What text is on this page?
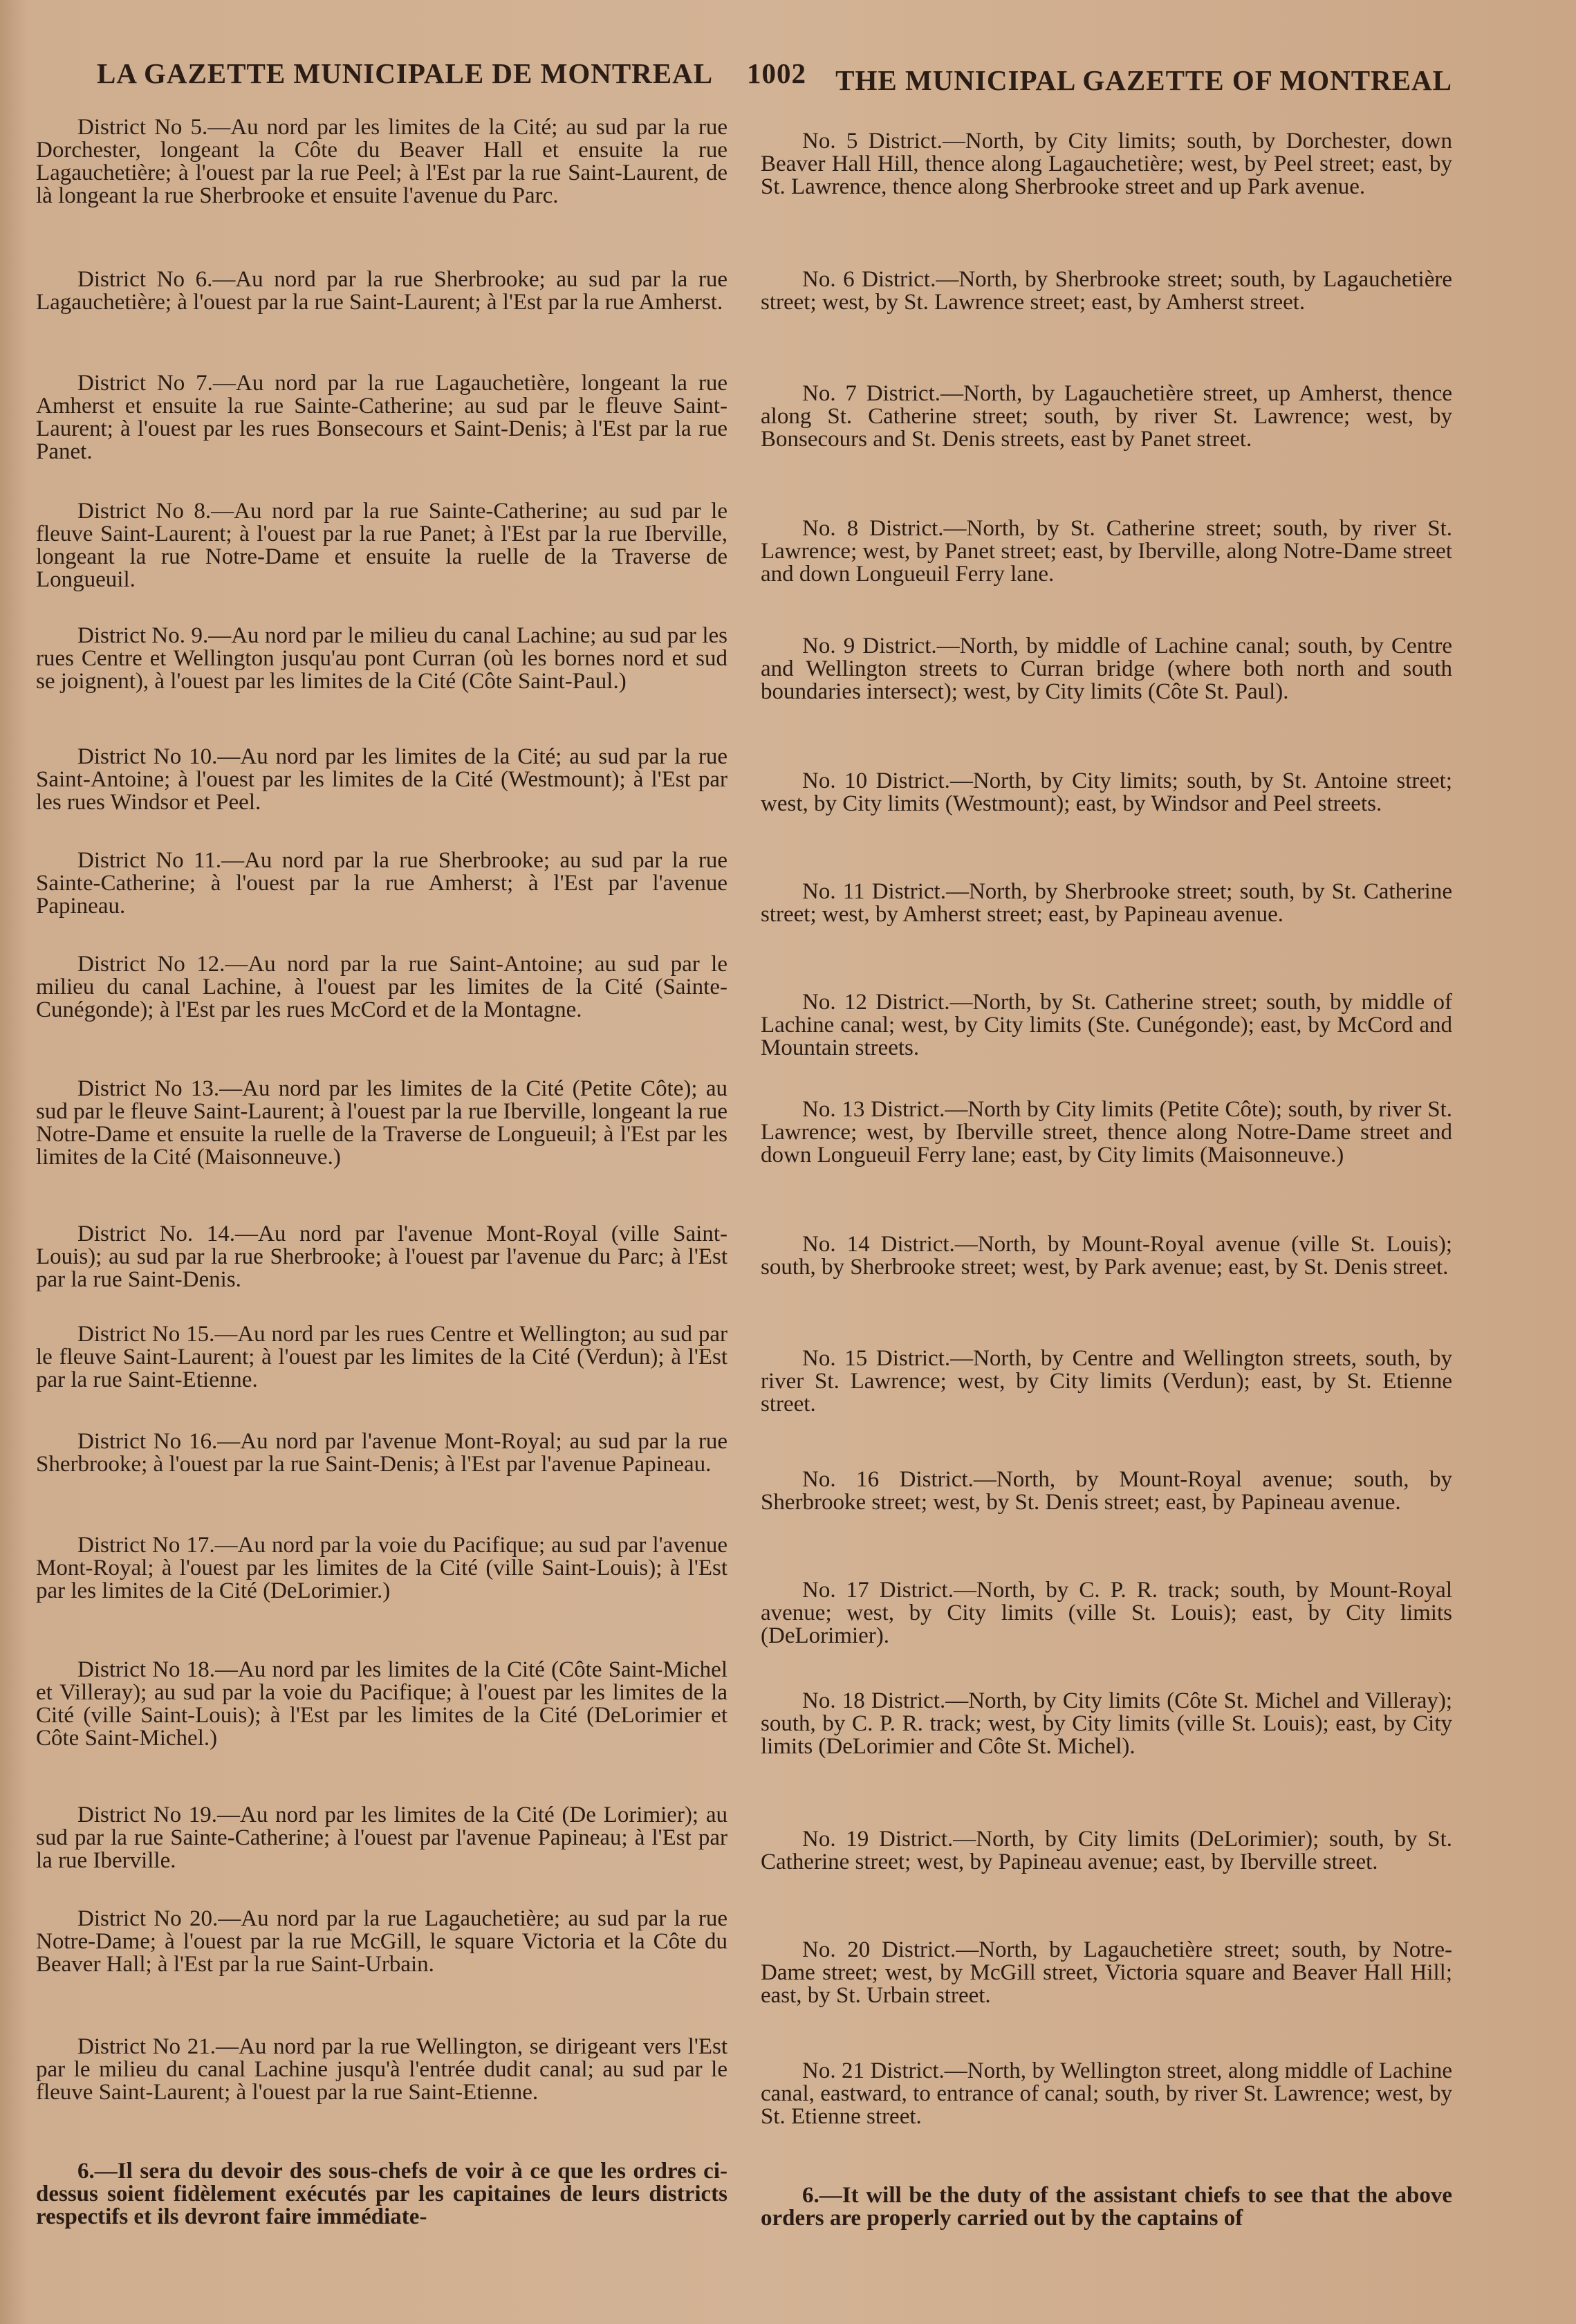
LA GAZETTE MUNICIPALE DE MONTREAL 1002 THE MUNICIPAL GAZETTE OF MONTREAL

District No 5.—Au nord par les limites de la Cité; au sud par la rue Dorchester, longeant la Côte du Beaver Hall et ensuite la rue Lagauchetière; à l'ouest par la rue Peel; à l'Est par la rue Saint-Laurent, de là longeant la rue Sherbrooke et ensuite l'avenue du Parc.

District No 6.—Au nord par la rue Sherbrooke; au sud par la rue Lagauchetière; à l'ouest par la rue Saint-Laurent; à l'Est par la rue Amherst.

District No 7.—Au nord par la rue Lagauchetière, longeant la rue Amherst et ensuite la rue Sainte-Catherine; au sud par le fleuve Saint-Laurent; à l'ouest par les rues Bonsecours et Saint-Denis; à l'Est par la rue Panet.

District No 8.—Au nord par la rue Sainte-Catherine; au sud par le fleuve Saint-Laurent; à l'ouest par la rue Panet; à l'Est par la rue Iberville, longeant la rue Notre-Dame et ensuite la ruelle de la Traverse de Longueuil.

District No. 9.—Au nord par le milieu du canal Lachine; au sud par les rues Centre et Wellington jusqu'au pont Curran (où les bornes nord et sud se joignent), à l'ouest par les limites de la Cité (Côte Saint-Paul.)

District No 10.—Au nord par les limites de la Cité; au sud par la rue Saint-Antoine; à l'ouest par les limites de la Cité (Westmount); à l'Est par les rues Windsor et Peel.

District No 11.—Au nord par la rue Sherbrooke; au sud par la rue Sainte-Catherine; à l'ouest par la rue Amherst; à l'Est par l'avenue Papineau.

District No 12.—Au nord par la rue Saint-Antoine; au sud par le milieu du canal Lachine, à l'ouest par les limites de la Cité (Sainte-Cunégonde); à l'Est par les rues McCord et de la Montagne.

District No 13.—Au nord par les limites de la Cité (Petite Côte); au sud par le fleuve Saint-Laurent; à l'ouest par la rue Iberville, longeant la rue Notre-Dame et ensuite la ruelle de la Traverse de Longueuil; à l'Est par les limites de la Cité (Maisonneuve.)

District No. 14.—Au nord par l'avenue Mont-Royal (ville Saint-Louis); au sud par la rue Sherbrooke; à l'ouest par l'avenue du Parc; à l'Est par la rue Saint-Denis.

District No 15.—Au nord par les rues Centre et Wellington; au sud par le fleuve Saint-Laurent; à l'ouest par les limites de la Cité (Verdun); à l'Est par la rue Saint-Etienne.

District No 16.—Au nord par l'avenue Mont-Royal; au sud par la rue Sherbrooke; à l'ouest par la rue Saint-Denis; à l'Est par l'avenue Papineau.

District No 17.—Au nord par la voie du Pacifique; au sud par l'avenue Mont-Royal; à l'ouest par les limites de la Cité (ville Saint-Louis); à l'Est par les limites de la Cité (DeLorimier.)

District No 18.—Au nord par les limites de la Cité (Côte Saint-Michel et Villeray); au sud par la voie du Pacifique; à l'ouest par les limites de la Cité (ville Saint-Louis); à l'Est par les limites de la Cité (DeLorimier et Côte Saint-Michel.)

District No 19.—Au nord par les limites de la Cité (De Lorimier); au sud par la rue Sainte-Catherine; à l'ouest par l'avenue Papineau; à l'Est par la rue Iberville.

District No 20.—Au nord par la rue Lagauchetière; au sud par la rue Notre-Dame; à l'ouest par la rue McGill, le square Victoria et la Côte du Beaver Hall; à l'Est par la rue Saint-Urbain.

District No 21.—Au nord par la rue Wellington, se dirigeant vers l'Est par le milieu du canal Lachine jusqu'à l'entrée dudit canal; au sud par le fleuve Saint-Laurent; à l'ouest par la rue Saint-Etienne.

6.—Il sera du devoir des sous-chefs de voir à ce que les ordres ci-dessus soient fidèlement exécutés par les capitaines de leurs districts respectifs et ils devront faire immédiate-

No. 5 District.—North, by City limits; south, by Dorchester, down Beaver Hall Hill, thence along Lagauchetière; west, by Peel street; east, by St. Lawrence, thence along Sherbrooke street and up Park avenue.

No. 6 District.—North, by Sherbrooke street; south, by Lagauchetière street; west, by St. Lawrence street; east, by Amherst street.

No. 7 District.—North, by Lagauchetière street, up Amherst, thence along St. Catherine street; south, by river St. Lawrence; west, by Bonsecours and St. Denis streets, east by Panet street.

No. 8 District.—North, by St. Catherine street; south, by river St. Lawrence; west, by Panet street; east, by Iberville, along Notre-Dame street and down Longueuil Ferry lane.

No. 9 District.—North, by middle of Lachine canal; south, by Centre and Wellington streets to Curran bridge (where both north and south boundaries intersect); west, by City limits (Côte St. Paul).

No. 10 District.—North, by City limits; south, by St. Antoine street; west, by City limits (Westmount); east, by Windsor and Peel streets.

No. 11 District.—North, by Sherbrooke street; south, by St. Catherine street; west, by Amherst street; east, by Papineau avenue.

No. 12 District.—North, by St. Catherine street; south, by middle of Lachine canal; west, by City limits (Ste. Cunégonde); east, by McCord and Mountain streets.

No. 13 District.—North by City limits (Petite Côte); south, by river St. Lawrence; west, by Iberville street, thence along Notre-Dame street and down Longueuil Ferry lane; east, by City limits (Maisonneuve.)

No. 14 District.—North, by Mount-Royal avenue (ville St. Louis); south, by Sherbrooke street; west, by Park avenue; east, by St. Denis street.

No. 15 District.—North, by Centre and Wellington streets, south, by river St. Lawrence; west, by City limits (Verdun); east, by St. Etienne street.

No. 16 District.—North, by Mount-Royal avenue; south, by Sherbrooke street; west, by St. Denis street; east, by Papineau avenue.

No. 17 District.—North, by C. P. R. track; south, by Mount-Royal avenue; west, by City limits (ville St. Louis); east, by City limits (DeLorimier).

No. 18 District.—North, by City limits (Côte St. Michel and Villeray); south, by C. P. R. track; west, by City limits (ville St. Louis); east, by City limits (DeLorimier and Côte St. Michel).

No. 19 District.—North, by City limits (DeLorimier); south, by St. Catherine street; west, by Papineau avenue; east, by Iberville street.

No. 20 District.—North, by Lagauchetière street; south, by Notre-Dame street; west, by McGill street, Victoria square and Beaver Hall Hill; east, by St. Urbain street.

No. 21 District.—North, by Wellington street, along middle of Lachine canal, eastward, to entrance of canal; south, by river St. Lawrence; west, by St. Etienne street.

6.—It will be the duty of the assistant chiefs to see that the above orders are properly carried out by the captains of
